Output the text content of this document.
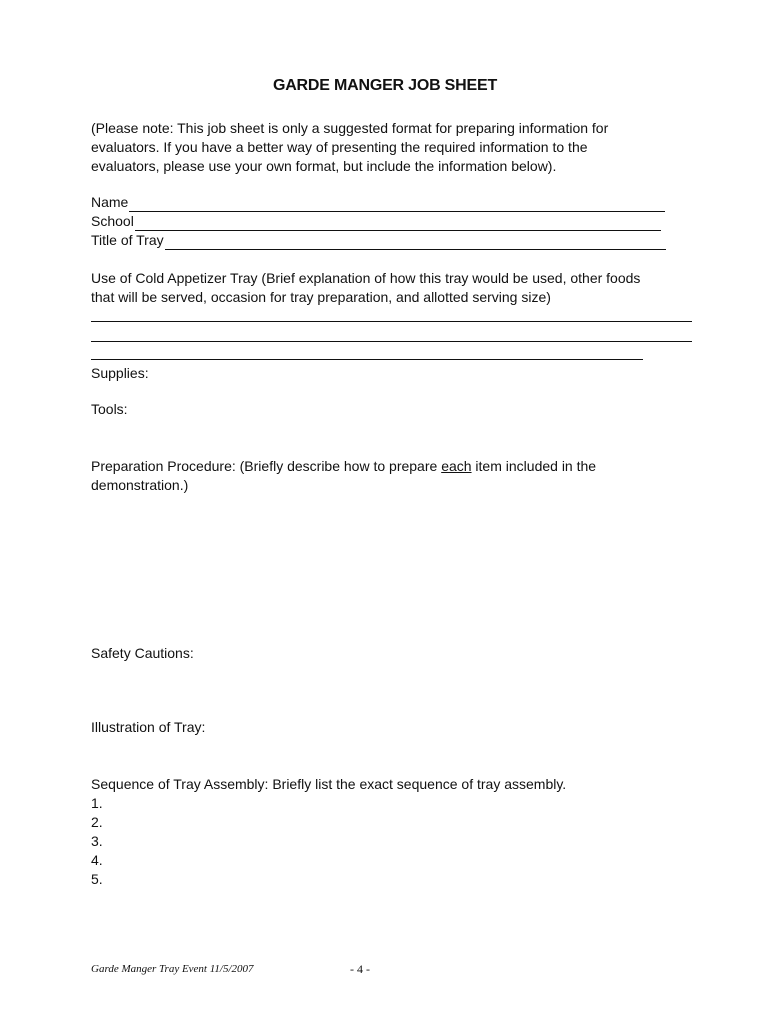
GARDE MANGER JOB SHEET
(Please note: This job sheet is only a suggested format for preparing information for
evaluators. If you have a better way of presenting the required information to the
evaluators, please use your own format, but include the information below).
Name
School
Title of Tray
Use of Cold Appetizer Tray (Brief explanation of how this tray would be used, other foods
that will be served, occasion for tray preparation, and allotted serving size)
Supplies:
Tools:
Preparation Procedure: (Briefly describe how to prepare each item included in the
demonstration.)
Safety Cautions:
Illustration of Tray:
Sequence of Tray Assembly: Briefly list the exact sequence of tray assembly.
1.
2.
3.
4.
5.
Garde Manger Tray Event 11/5/2007	- 4 -
